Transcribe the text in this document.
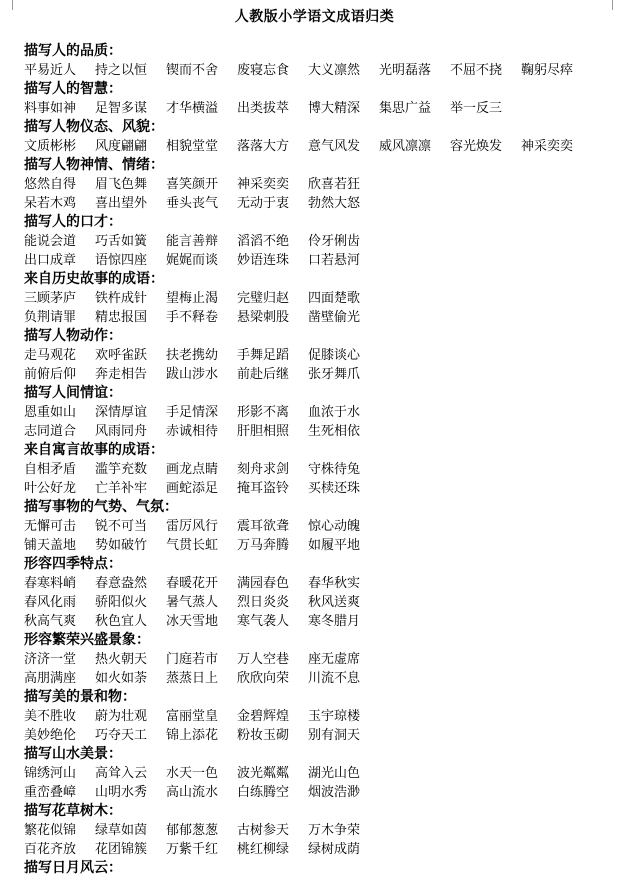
人教版小学语文成语归类
描写人的品质：
平易近人 持之以恒 锲而不舍 废寝忘食 大义凛然 光明磊落 不屈不挠 鞠躬尽瘁
描写人的智慧：
料事如神 足智多谋 才华横溢 出类拔萃 博大精深 集思广益 举一反三
描写人物仪态、风貌：
文质彬彬 风度翩翩 相貌堂堂 落落大方 意气风发 威风凛凛 容光焕发 神采奕奕
描写人物神情、情绪：
悠然自得 眉飞色舞 喜笑颜开 神采奕奕 欣喜若狂
呆若木鸡 喜出望外 垂头丧气 无动于衷 勃然大怒
描写人的口才：
能说会道 巧舌如簧 能言善辩 滔滔不绝 伶牙俐齿
出口成章 语惊四座 娓娓而谈 妙语连珠 口若悬河
来自历史故事的成语：
三顾茅庐 铁杵成针 望梅止渴 完璧归赵 四面楚歌
负荆请罪 精忠报国 手不释卷 悬梁刺股 凿壁偷光
描写人物动作：
走马观花 欢呼雀跃 扶老携幼 手舞足蹈 促膝谈心
前俯后仰 奔走相告 跋山涉水 前赴后继 张牙舞爪
描写人间情谊：
恩重如山 深情厚谊 手足情深 形影不离 血浓于水
志同道合 风雨同舟 赤诚相待 肝胆相照 生死相依
来自寓言故事的成语：
自相矛盾 滥竽充数 画龙点睛 刻舟求剑 守株待兔
叶公好龙 亡羊补牢 画蛇添足 掩耳盗铃 买椟还珠
描写事物的气势、气氛：
无懈可击 锐不可当 雷厉风行 震耳欲聋 惊心动魄
铺天盖地 势如破竹 气贯长虹 万马奔腾 如履平地
形容四季特点：
春寒料峭 春意盎然 春暖花开 满园春色 春华秋实
春风化雨 骄阳似火 暑气蒸人 烈日炎炎 秋风送爽
秋高气爽 秋色宜人 冰天雪地 寒气袭人 寒冬腊月
形容繁荣兴盛景象：
济济一堂 热火朝天 门庭若市 万人空巷 座无虚席
高朋满座 如火如荼 蒸蒸日上 欣欣向荣 川流不息
描写美的景和物：
美不胜收 蔚为壮观 富丽堂皇 金碧辉煌 玉宇琼楼
美妙绝伦 巧夺天工 锦上添花 粉妆玉砌 别有洞天
描写山水美景：
锦绣河山 高耸入云 水天一色 波光粼粼 湖光山色
重峦叠嶂 山明水秀 高山流水 白练腾空 烟波浩渺
描写花草树木：
繁花似锦 绿草如茵 郁郁葱葱 古树参天 万木争荣
百花齐放 花团锦簇 万紫千红 桃红柳绿 绿树成荫
描写日月风云：
